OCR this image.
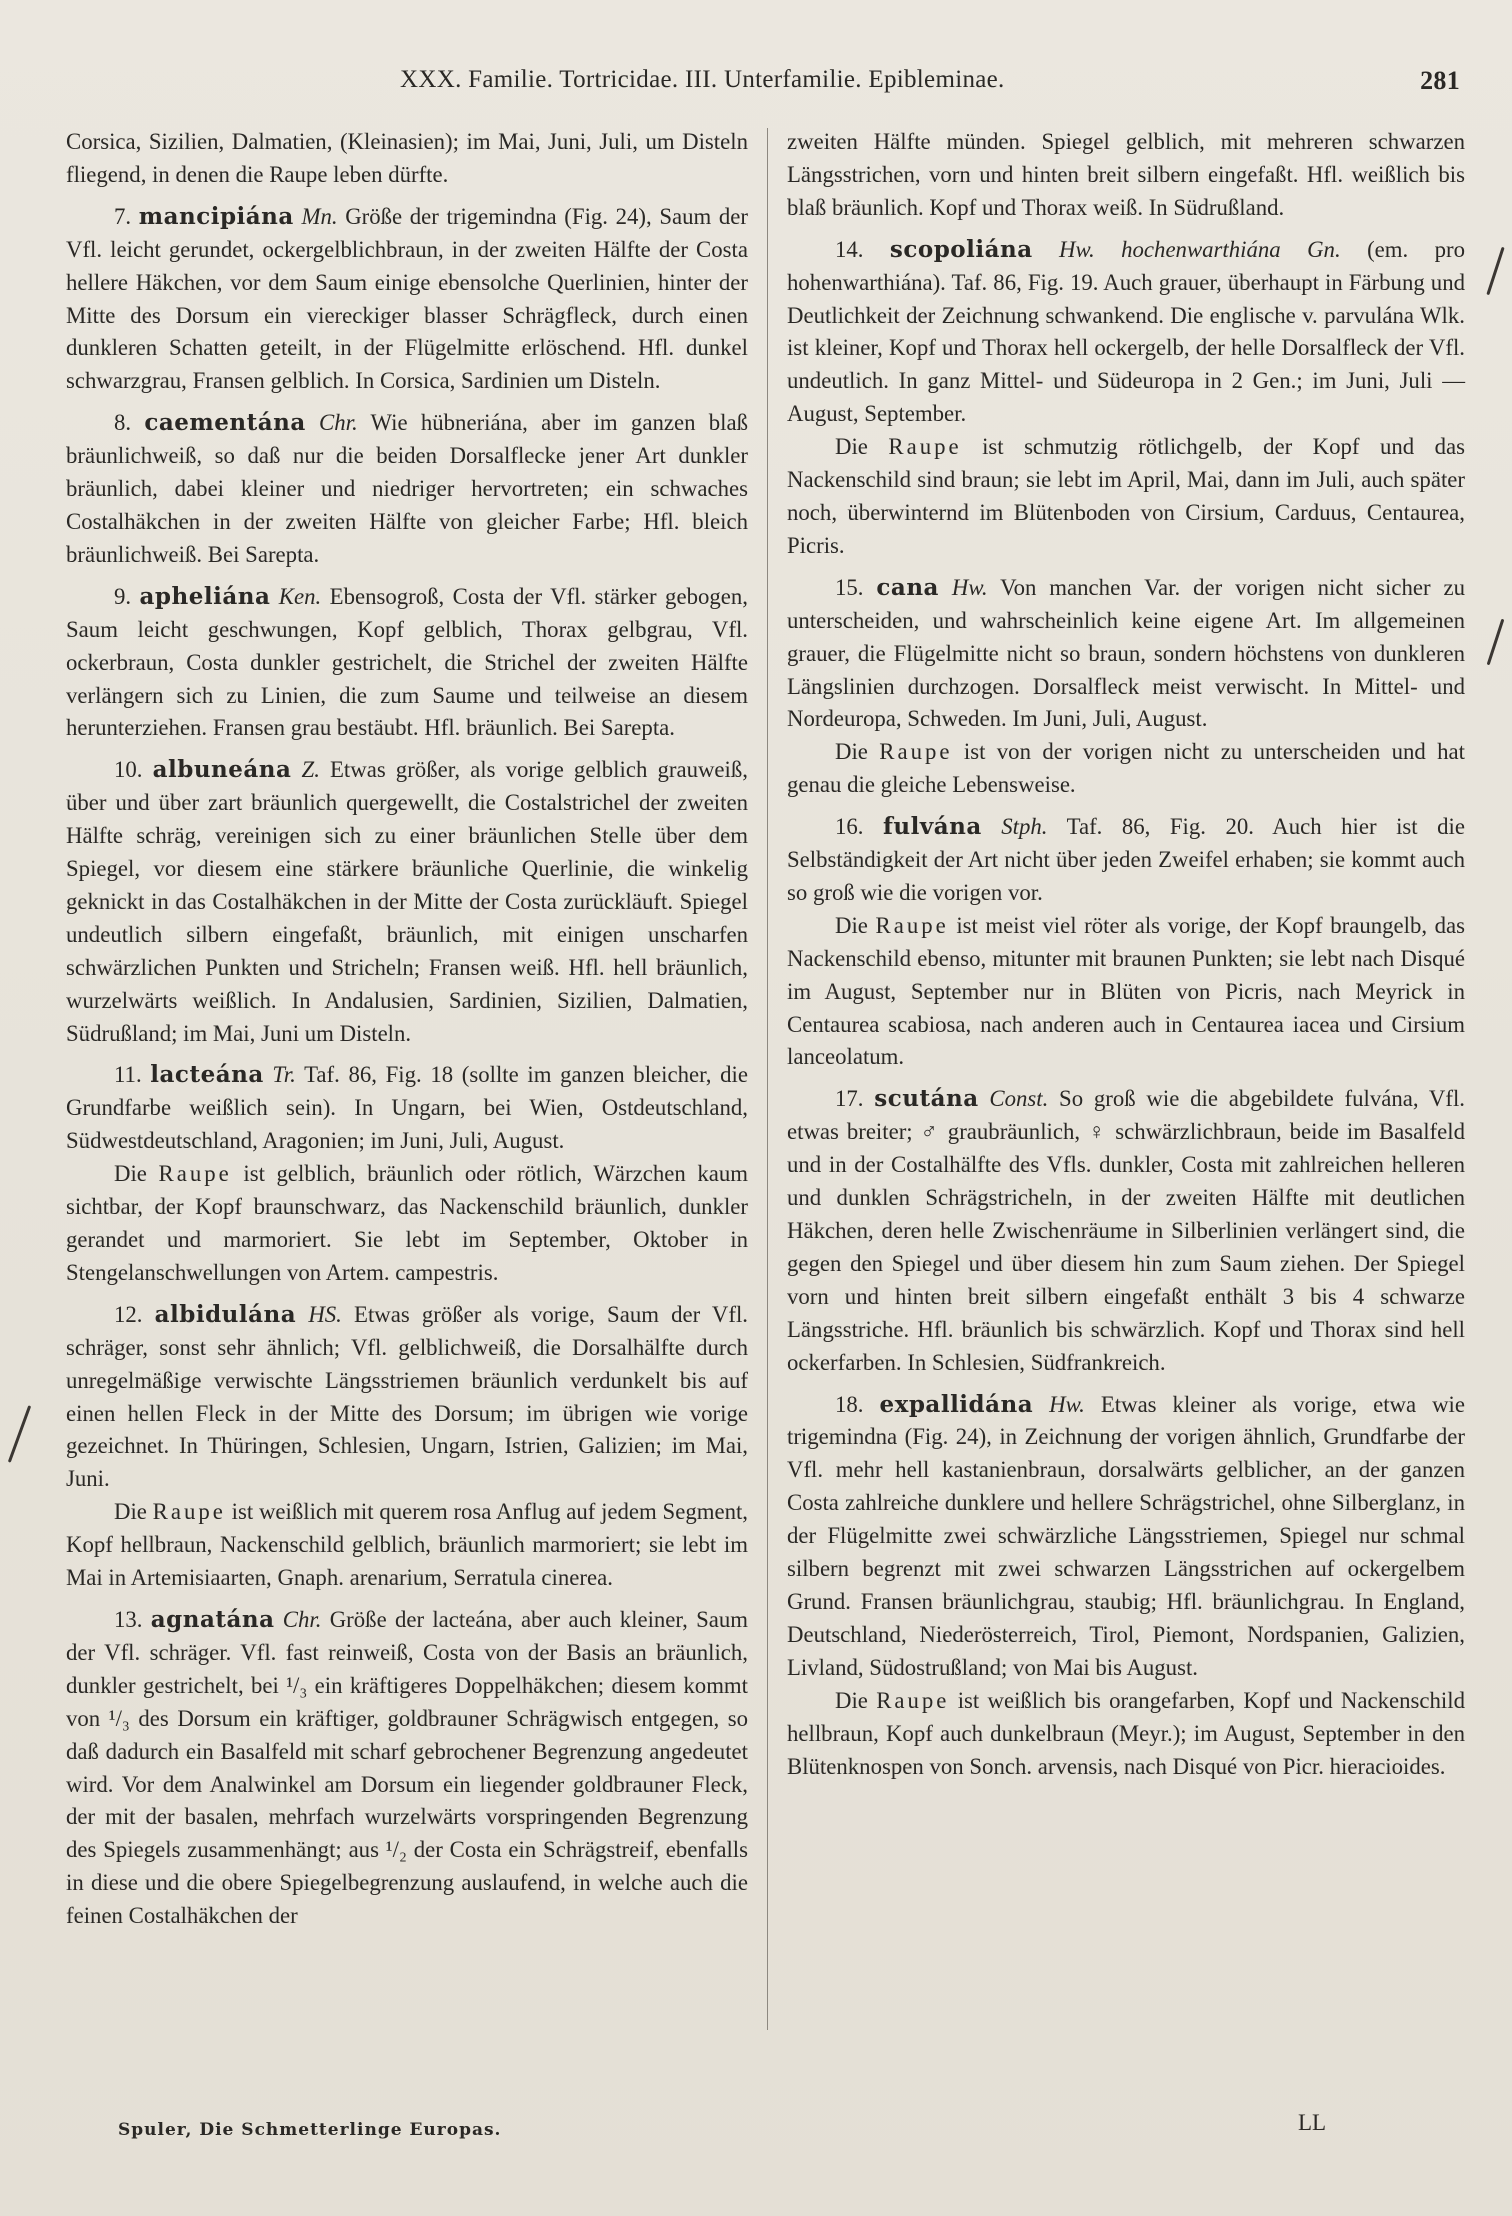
XXX. Familie. Tortricidae. III. Unterfamilie. Epibleminae.	281

Corsica, Sizilien, Dalmatien, (Kleinasien); im Mai, Juni, Juli, um Disteln fliegend, in denen die Raupe leben dürfte.

7. mancipiána Mn. Größe der trigemindna (Fig. 24), Saum der Vfl. leicht gerundet, ockergelblichbraun, in der zweiten Hälfte der Costa hellere Häkchen, vor dem Saum einige ebensolche Querlinien, hinter der Mitte des Dorsum ein viereckiger blasser Schrägfleck, durch einen dunkleren Schatten geteilt, in der Flügelmitte erlöschend. Hfl. dunkel schwarzgrau, Fransen gelblich. In Corsica, Sardinien um Disteln.

8. caementána Chr. Wie hübneriána, aber im ganzen blaß bräunlichweiß, so daß nur die beiden Dorsalflecke jener Art dunkler bräunlich, dabei kleiner und niedriger hervortreten; ein schwaches Costalhäkchen in der zweiten Hälfte von gleicher Farbe; Hfl. bleich bräunlichweiß. Bei Sarepta.

9. apheliána Ken. Ebensogroß, Costa der Vfl. stärker gebogen, Saum leicht geschwungen, Kopf gelblich, Thorax gelbgrau, Vfl. ockerbraun, Costa dunkler gestrichelt, die Strichel der zweiten Hälfte verlängern sich zu Linien, die zum Saume und teilweise an diesem herunterziehen. Fransen grau bestäubt. Hfl. bräunlich. Bei Sarepta.

10. albuneána Z. Etwas größer, als vorige gelblich grauweiß, über und über zart bräunlich quergewellt, die Costalstrichel der zweiten Hälfte schräg, vereinigen sich zu einer bräunlichen Stelle über dem Spiegel, vor diesem eine stärkere bräunliche Querlinie, die winkelig geknickt in das Costalhäkchen in der Mitte der Costa zurückläuft. Spiegel undeutlich silbern eingefaßt, bräunlich, mit einigen unscharfen schwärzlichen Punkten und Stricheln; Fransen weiß. Hfl. hell bräunlich, wurzelwärts weißlich. In Andalusien, Sardinien, Sizilien, Dalmatien, Südrußland; im Mai, Juni um Disteln.

11. lacteána Tr. Taf. 86, Fig. 18 (sollte im ganzen bleicher, die Grundfarbe weißlich sein). In Ungarn, bei Wien, Ostdeutschland, Südwestdeutschland, Aragonien; im Juni, Juli, August.

Die Raupe ist gelblich, bräunlich oder rötlich, Wärzchen kaum sichtbar, der Kopf braunschwarz, das Nackenschild bräunlich, dunkler gerandet und marmoriert. Sie lebt im September, Oktober in Stengelanschwellungen von Artem. campestris.

12. albidulána HS. Etwas größer als vorige, Saum der Vfl. schräger, sonst sehr ähnlich; Vfl. gelblichweiß, die Dorsalhälfte durch unregelmäßige verwischte Längsstriemen bräunlich verdunkelt bis auf einen hellen Fleck in der Mitte des Dorsum; im übrigen wie vorige gezeichnet. In Thüringen, Schlesien, Ungarn, Istrien, Galizien; im Mai, Juni.

Die Raupe ist weißlich mit querem rosa Anflug auf jedem Segment, Kopf hellbraun, Nackenschild gelblich, bräunlich marmoriert; sie lebt im Mai in Artemisiaarten, Gnaph. arenarium, Serratula cinerea.

13. agnatána Chr. Größe der lacteána, aber auch kleiner, Saum der Vfl. schräger. Vfl. fast reinweiß, Costa von der Basis an bräunlich, dunkler gestrichelt, bei ¹/₃ ein kräftigeres Doppelhäkchen; diesem kommt von ¹/₃ des Dorsum ein kräftiger, goldbrauner Schrägwisch entgegen, so daß dadurch ein Basalfeld mit scharf gebrochener Begrenzung angedeutet wird. Vor dem Analwinkel am Dorsum ein liegender goldbrauner Fleck, der mit der basalen, mehrfach wurzelwärts vorspringenden Begrenzung des Spiegels zusammenhängt; aus ¹/₂ der Costa ein Schrägstreif, ebenfalls in diese und die obere Spiegelbegrenzung auslaufend, in welche auch die feinen Costalhäkchen der

zweiten Hälfte münden. Spiegel gelblich, mit mehreren schwarzen Längsstrichen, vorn und hinten breit silbern eingefaßt. Hfl. weißlich bis blaß bräunlich. Kopf und Thorax weiß. In Südrußland.

14. scopoliána Hw. hochenwarthiána Gn. (em. pro hohenwarthiána). Taf. 86, Fig. 19. Auch grauer, überhaupt in Färbung und Deutlichkeit der Zeichnung schwankend. Die englische v. parvulána Wlk. ist kleiner, Kopf und Thorax hell ockergelb, der helle Dorsalfleck der Vfl. undeutlich. In ganz Mittel- und Südeuropa in 2 Gen.; im Juni, Juli — August, September.

Die Raupe ist schmutzig rötlichgelb, der Kopf und das Nackenschild sind braun; sie lebt im April, Mai, dann im Juli, auch später noch, überwinternd im Blütenboden von Cirsium, Carduus, Centaurea, Picris.

15. cana Hw. Von manchen Var. der vorigen nicht sicher zu unterscheiden, und wahrscheinlich keine eigene Art. Im allgemeinen grauer, die Flügelmitte nicht so braun, sondern höchstens von dunkleren Längslinien durchzogen. Dorsalfleck meist verwischt. In Mittel- und Nordeuropa, Schweden. Im Juni, Juli, August.

Die Raupe ist von der vorigen nicht zu unterscheiden und hat genau die gleiche Lebensweise.

16. fulvána Stph. Taf. 86, Fig. 20. Auch hier ist die Selbständigkeit der Art nicht über jeden Zweifel erhaben; sie kommt auch so groß wie die vorigen vor.

Die Raupe ist meist viel röter als vorige, der Kopf braungelb, das Nackenschild ebenso, mitunter mit braunen Punkten; sie lebt nach Disqué im August, September nur in Blüten von Picris, nach Meyrick in Centaurea scabiosa, nach anderen auch in Centaurea iacea und Cirsium lanceolatum.

17. scutána Const. So groß wie die abgebildete fulvána, Vfl. etwas breiter; ♂ graubräunlich, ♀ schwärzlichbraun, beide im Basalfeld und in der Costalhälfte des Vfls. dunkler, Costa mit zahlreichen helleren und dunklen Schrägstricheln, in der zweiten Hälfte mit deutlichen Häkchen, deren helle Zwischenräume in Silberlinien verlängert sind, die gegen den Spiegel und über diesem hin zum Saum ziehen. Der Spiegel vorn und hinten breit silbern eingefaßt enthält 3 bis 4 schwarze Längsstriche. Hfl. bräunlich bis schwärzlich. Kopf und Thorax sind hell ockerfarben. In Schlesien, Südfrankreich.

18. expallidána Hw. Etwas kleiner als vorige, etwa wie trigemindna (Fig. 24), in Zeichnung der vorigen ähnlich, Grundfarbe der Vfl. mehr hell kastanienbraun, dorsalwärts gelblicher, an der ganzen Costa zahlreiche dunklere und hellere Schrägstrichel, ohne Silberglanz, in der Flügelmitte zwei schwärzliche Längsstriemen, Spiegel nur schmal silbern begrenzt mit zwei schwarzen Längsstrichen auf ockergelbem Grund. Fransen bräunlichgrau, staubig; Hfl. bräunlichgrau. In England, Deutschland, Niederösterreich, Tirol, Piemont, Nordspanien, Galizien, Livland, Südostrußland; von Mai bis August.

Die Raupe ist weißlich bis orangefarben, Kopf und Nackenschild hellbraun, Kopf auch dunkelbraun (Meyr.); im August, September in den Blütenknospen von Sonch. arvensis, nach Disqué von Picr. hieracioides.

Spuler, Die Schmetterlinge Europas.	LL
